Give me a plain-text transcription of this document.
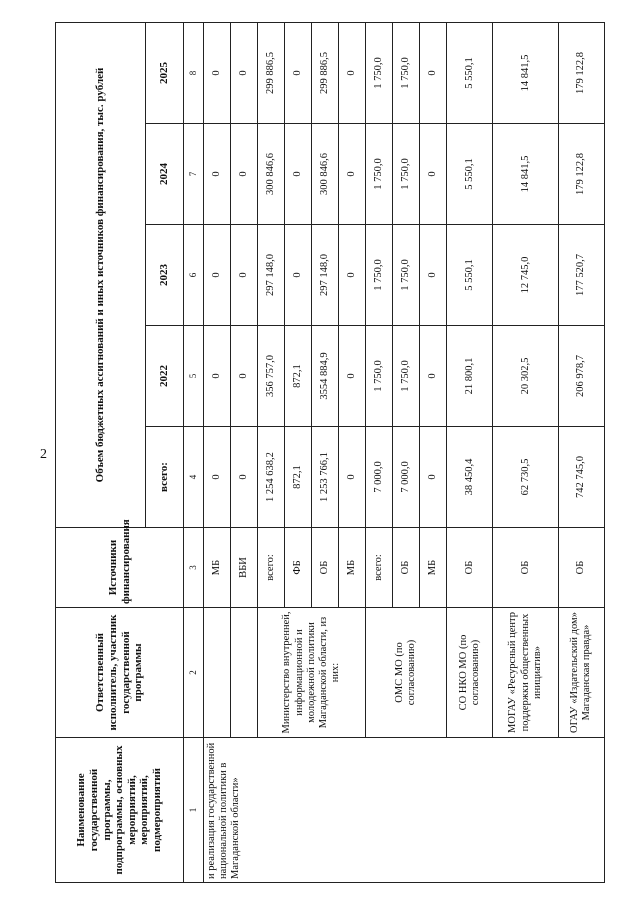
2
Наименование государственной программы, подпрограммы, основных мероприятий, мероприятий, подмероприятий	Ответственный исполнитель, участник государственной программы	Источники финансирования	Объем бюджетных ассигнований и иных источников финансирования, тыс. рублей				
			всего:	2022	2023	2024	2025
1	2	3	4	5	6	7	8
и реализация государственной национальной политики в Магаданской области»		МБ	0	0	0	0	0
		ВБИ	0	0	0	0	0
	Министерство внутренней, информационной и молодежной политики Магаданской области, из них:	всего:	1 254 638,2	356 757,0	297 148,0	300 846,6	299 886,5
		ФБ	872,1	872,1	0	0	0
		ОБ	1 253 766,1	3554 884,9	297 148,0	300 846,6	299 886,5
		МБ	0	0	0	0	0
	ОМС МО (по согласованию)	всего:	7 000,0	1 750,0	1 750,0	1 750,0	1 750,0
		ОБ	7 000,0	1 750,0	1 750,0	1 750,0	1 750,0
		МБ	0	0	0	0	0
	СО НКО МО (по согласованию)	ОБ	38 450,4	21 800,1	5 550,1	5 550,1	5 550,1
	МОГАУ «Ресурсный центр поддержки общественных инициатив»	ОБ	62 730,5	20 302,5	12 745,0	14 841,5	14 841,5
	ОГАУ «Издательский дом» Магаданская правда»	ОБ	742 745,0	206 978,7	177 520,7	179 122,8	179 122,8
